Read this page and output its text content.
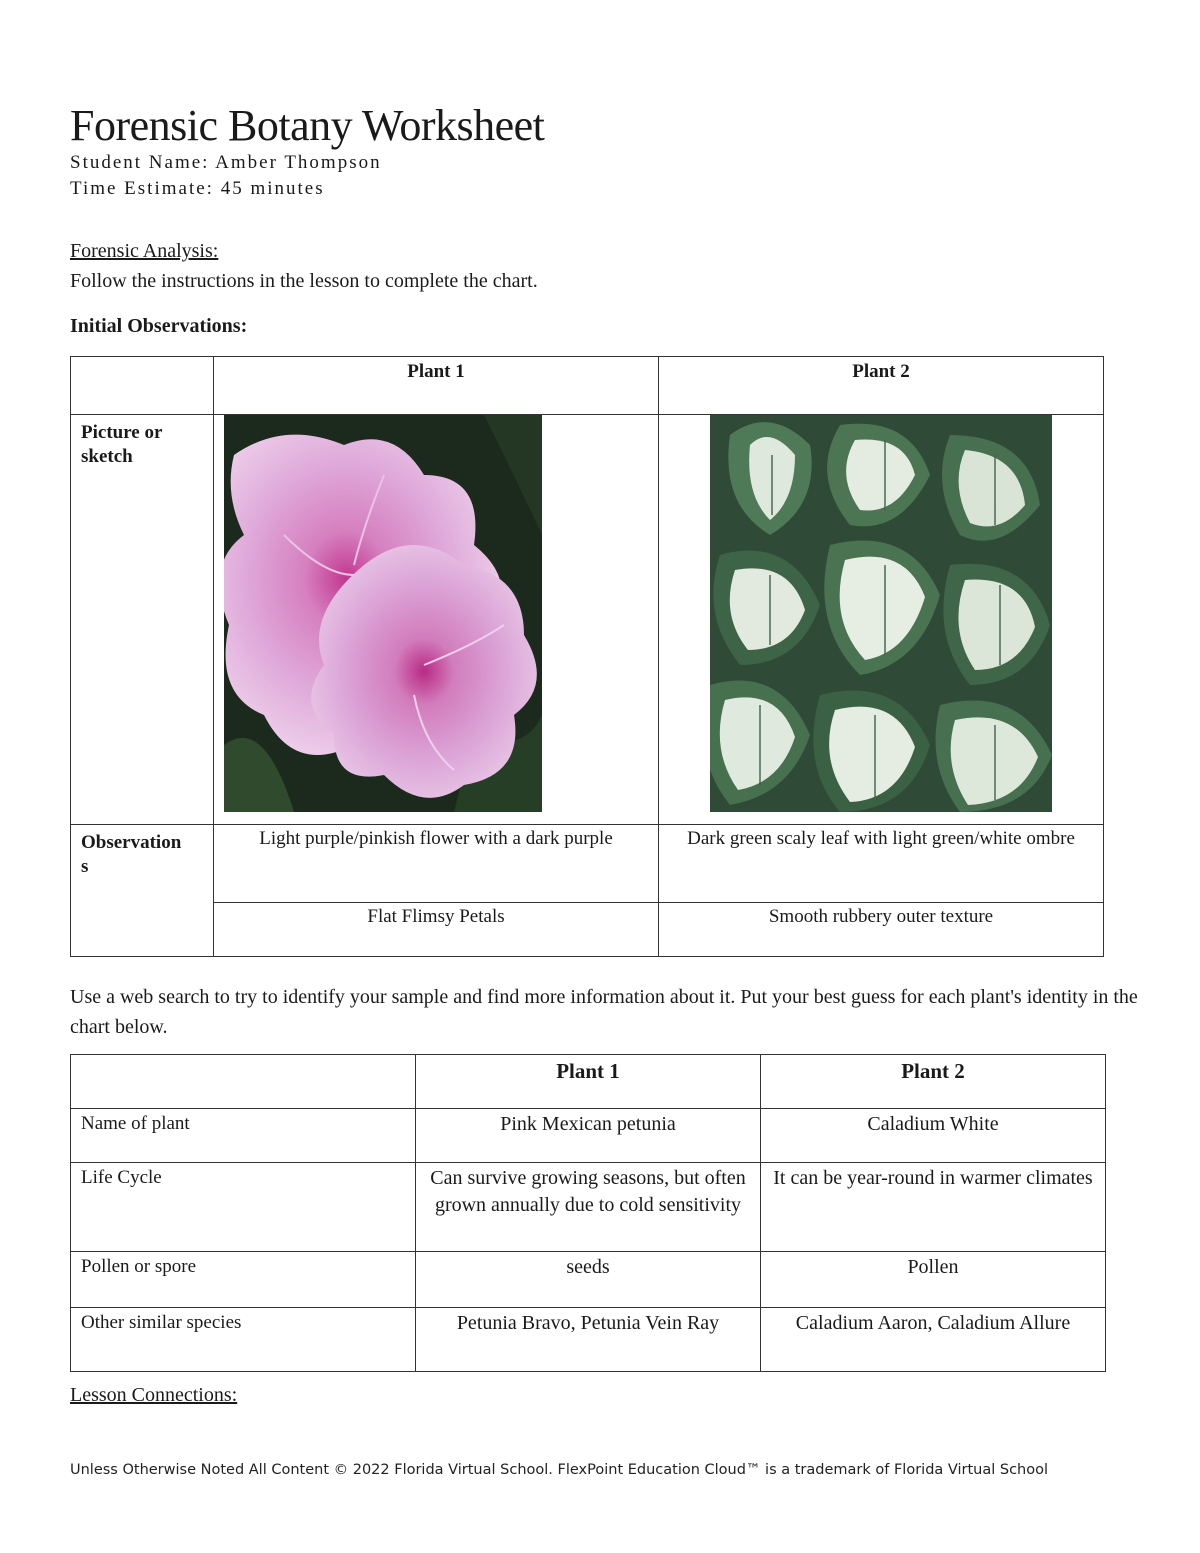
Forensic Botany Worksheet
Student Name: Amber Thompson
Time Estimate: 45 minutes
Forensic Analysis:
Follow the instructions in the lesson to complete the chart.
Initial Observations:
	Plant 1	Plant 2
Picture or sketch	

Observation
s	Light purple/pinkish flower with a dark purple	Dark green scaly leaf with light green/white ombre
	Flat Flimsy Petals	Smooth rubbery outer texture
Use a web search to try to identify your sample and find more information about it. Put your best guess for each plant's identity in the chart below.
	Plant 1	Plant 2
Name of plant	Pink Mexican petunia	Caladium White
Life Cycle	Can survive growing seasons, but often grown annually due to cold sensitivity	It can be year-round in warmer climates
Pollen or spore	seeds	Pollen
Other similar species	Petunia Bravo, Petunia Vein Ray	Caladium Aaron, Caladium Allure
Lesson Connections:
Unless Otherwise Noted All Content © 2022 Florida Virtual School. FlexPoint Education Cloud™ is a trademark of Florida Virtual School
